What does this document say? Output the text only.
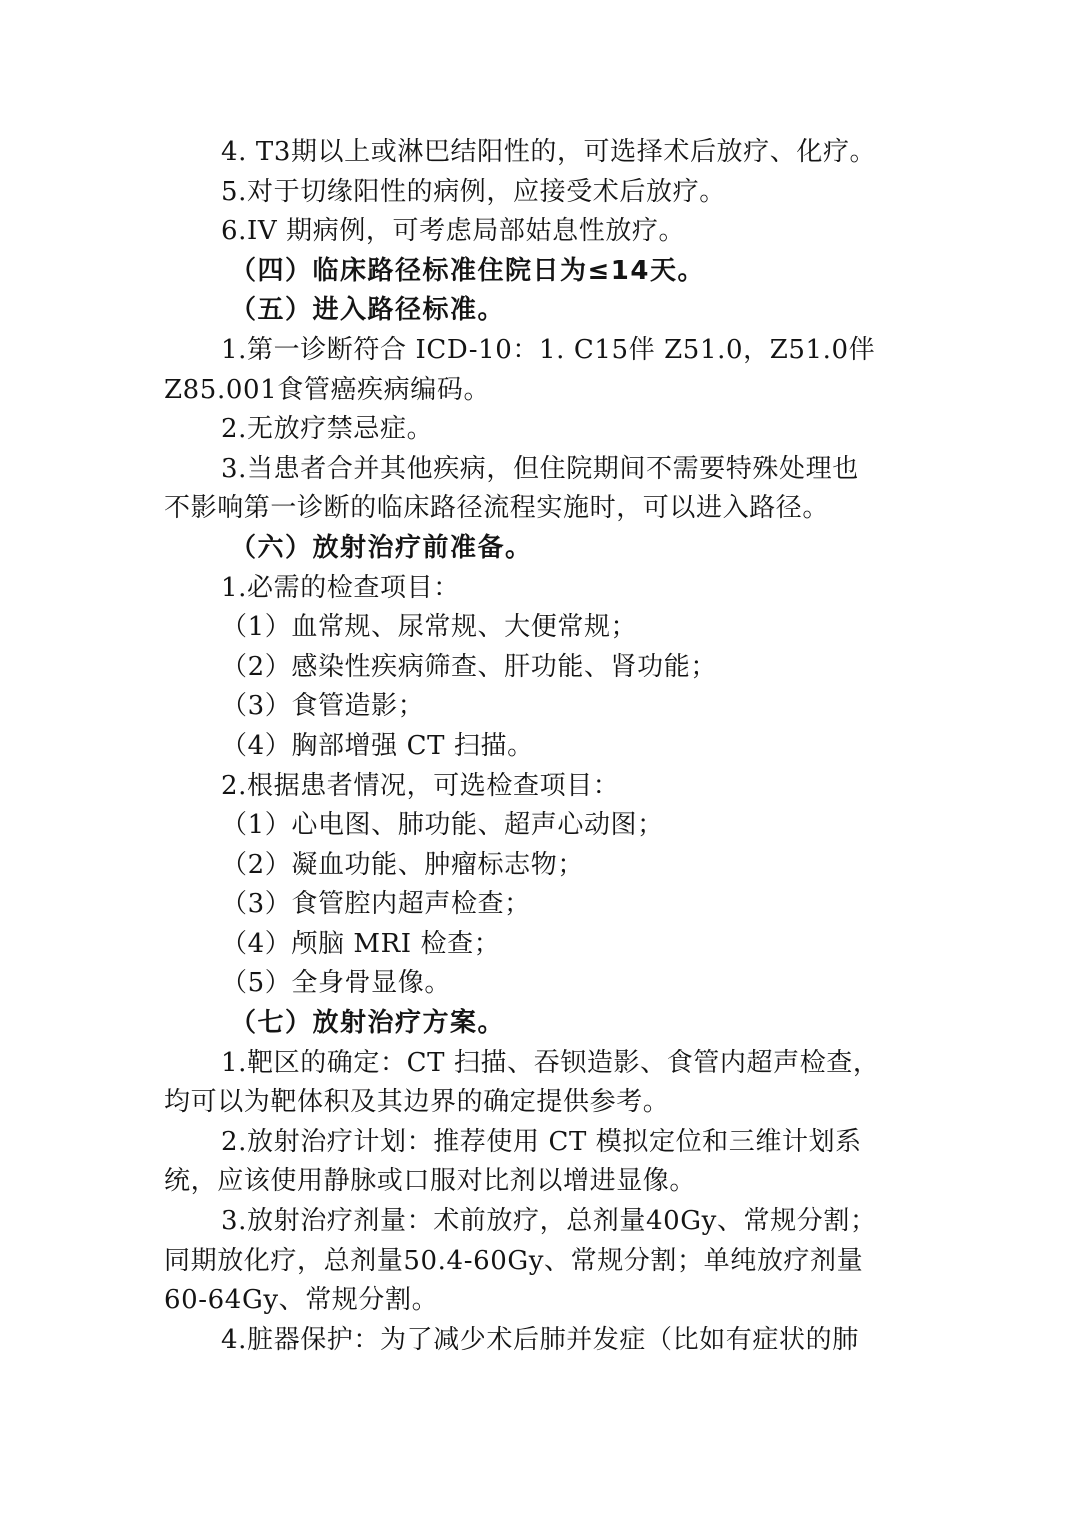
4. T3期以上或淋巴结阳性的，可选择术后放疗、化疗。
5.对于切缘阳性的病例，应接受术后放疗。
6.IV 期病例，可考虑局部姑息性放疗。
（四）临床路径标准住院日为≤14天。
（五）进入路径标准。
1.第一诊断符合 ICD-10：1. C15伴 Z51.0，Z51.0伴
Z85.001食管癌疾病编码。
2.无放疗禁忌症。
3.当患者合并其他疾病，但住院期间不需要特殊处理也
不影响第一诊断的临床路径流程实施时，可以进入路径。
（六）放射治疗前准备。
1.必需的检查项目：
（1）血常规、尿常规、大便常规；
（2）感染性疾病筛查、肝功能、肾功能；
（3）食管造影；
（4）胸部增强 CT 扫描。
2.根据患者情况，可选检查项目：
（1）心电图、肺功能、超声心动图；
（2）凝血功能、肿瘤标志物；
（3）食管腔内超声检查；
（4）颅脑 MRI 检查；
（5）全身骨显像。
（七）放射治疗方案。
1.靶区的确定：CT 扫描、吞钡造影、食管内超声检查，
均可以为靶体积及其边界的确定提供参考。
2.放射治疗计划：推荐使用 CT 模拟定位和三维计划系
统，应该使用静脉或口服对比剂以增进显像。
3.放射治疗剂量：术前放疗，总剂量40Gy、常规分割；
同期放化疗，总剂量50.4-60Gy、常规分割；单纯放疗剂量
60-64Gy、常规分割。
4.脏器保护：为了减少术后肺并发症（比如有症状的肺
